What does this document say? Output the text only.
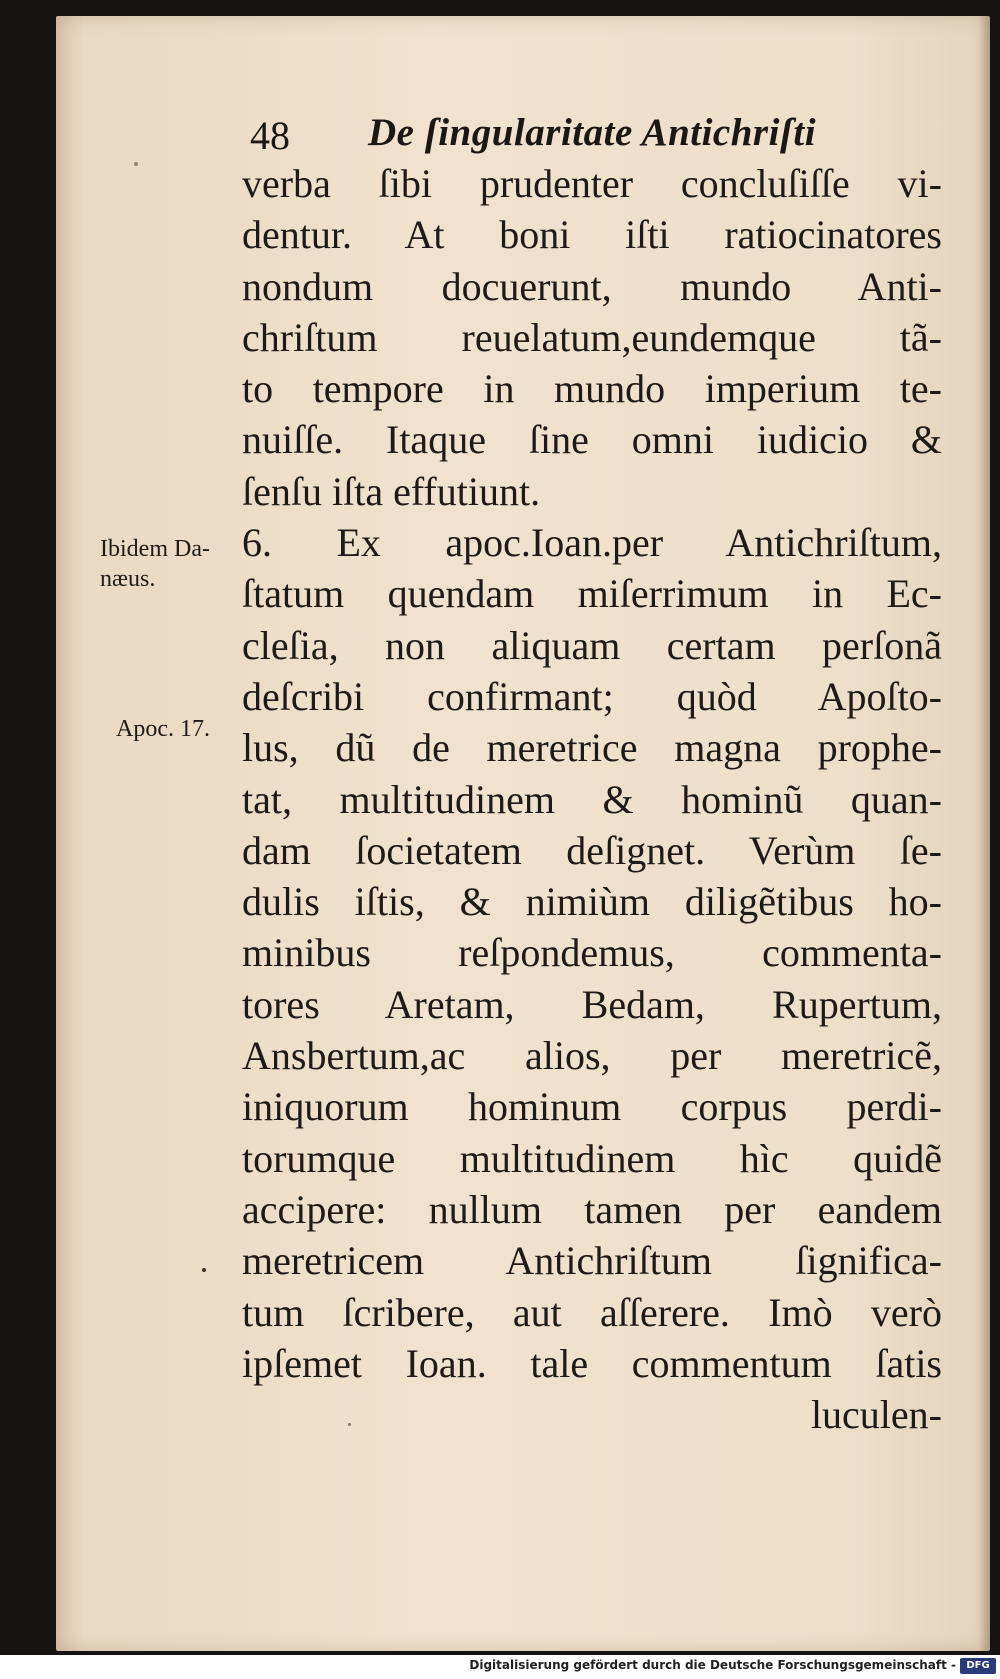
48 De ſingularitate Antichriſti
verba ſibi prudenter concluſiſſe vi-
dentur. At boni iſti ratiocinatores
nondum docuerunt, mundo Anti-
chriſtum reuelatum,eundemque tã-
to tempore in mundo imperium te-
nuiſſe. Itaque ſine omni iudicio &
ſenſu iſta effutiunt.
6. Ex apoc.Ioan.per Antichriſtum,
ſtatum quendam miſerrimum in Ec-
cleſia, non aliquam certam perſonã
deſcribi confirmant; quòd Apoſto-
lus, dũ de meretrice magna prophe-
tat, multitudinem & hominũ quan-
dam ſocietatem deſignet. Verùm ſe-
dulis iſtis, & nimiùm diligẽtibus ho-
minibus reſpondemus, commenta-
tores Aretam, Bedam, Rupertum,
Ansbertum,ac alios, per meretricẽ,
iniquorum hominum corpus perdi-
torumque multitudinem hìc quidẽ
accipere: nullum tamen per eandem
meretricem Antichriſtum ſignifica-
tum ſcribere, aut aſſerere. Imò verò
ipſemet Ioan. tale commentum ſatis
luculen-
Ibidem Da-
næus.
Apoc. 17.
Digitalisierung gefördert durch die Deutsche Forschungsgemeinschaft -	DFG
